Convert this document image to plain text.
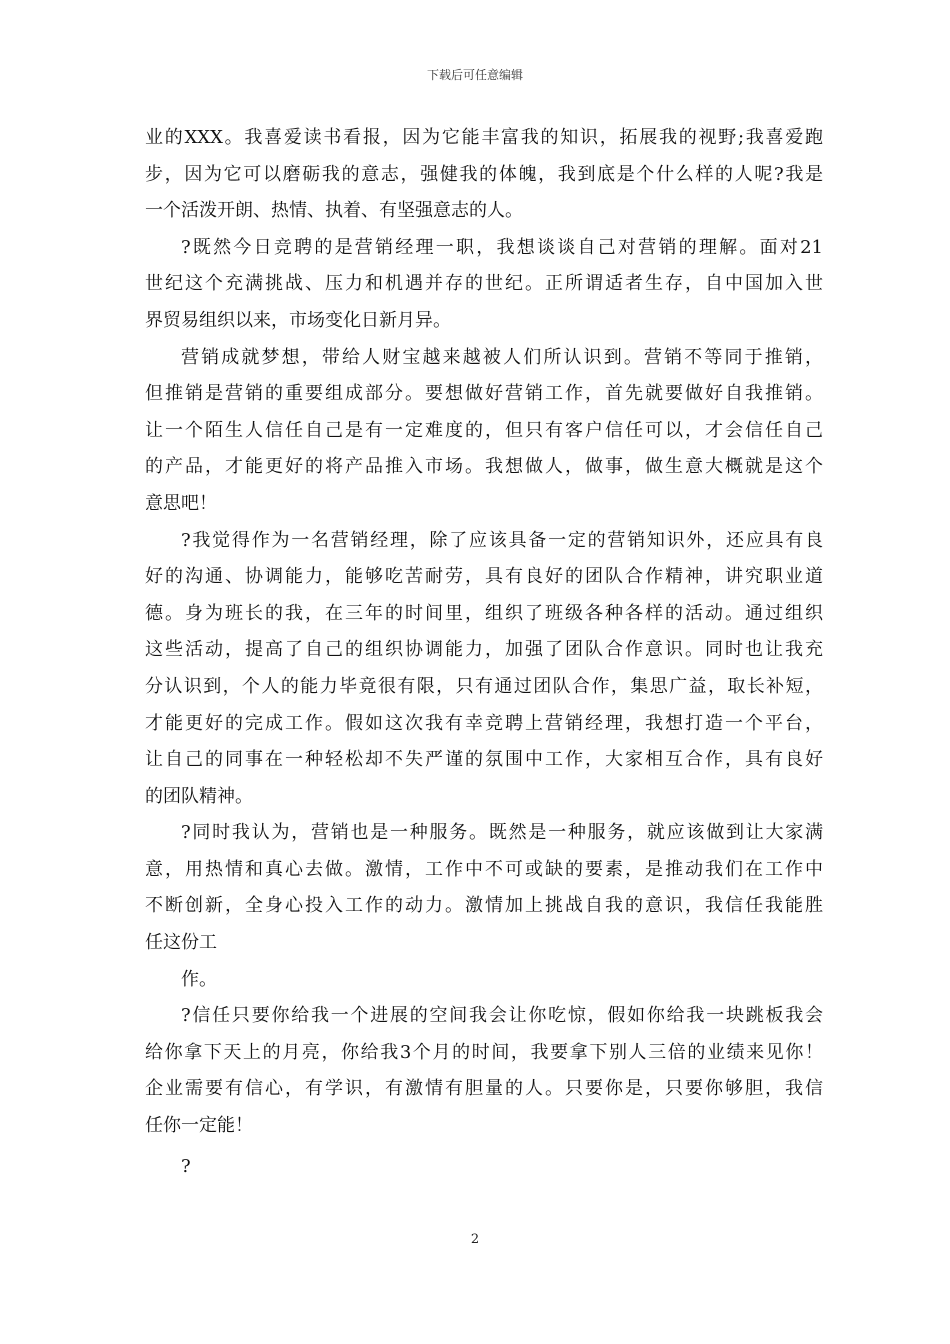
下载后可任意编辑
业的XXX。我喜爱读书看报，因为它能丰富我的知识，拓展我的视野;我喜爱跑
步，因为它可以磨砺我的意志，强健我的体魄，我到底是个什么样的人呢?我是
一个活泼开朗、热情、执着、有坚强意志的人。
?既然今日竞聘的是营销经理一职，我想谈谈自己对营销的理解。面对21
世纪这个充满挑战、压力和机遇并存的世纪。正所谓适者生存，自中国加入世
界贸易组织以来，市场变化日新月异。
营销成就梦想，带给人财宝越来越被人们所认识到。营销不等同于推销，
但推销是营销的重要组成部分。要想做好营销工作，首先就要做好自我推销。
让一个陌生人信任自己是有一定难度的，但只有客户信任可以，才会信任自己
的产品，才能更好的将产品推入市场。我想做人，做事，做生意大概就是这个
意思吧！
?我觉得作为一名营销经理，除了应该具备一定的营销知识外，还应具有良
好的沟通、协调能力，能够吃苦耐劳，具有良好的团队合作精神，讲究职业道
德。身为班长的我，在三年的时间里，组织了班级各种各样的活动。通过组织
这些活动，提高了自己的组织协调能力，加强了团队合作意识。同时也让我充
分认识到，个人的能力毕竟很有限，只有通过团队合作，集思广益，取长补短，
才能更好的完成工作。假如这次我有幸竞聘上营销经理，我想打造一个平台，
让自己的同事在一种轻松却不失严谨的氛围中工作，大家相互合作，具有良好
的团队精神。
?同时我认为，营销也是一种服务。既然是一种服务，就应该做到让大家满
意，用热情和真心去做。激情，工作中不可或缺的要素，是推动我们在工作中
不断创新，全身心投入工作的动力。激情加上挑战自我的意识，我信任我能胜
任这份工
作。
?信任只要你给我一个进展的空间我会让你吃惊，假如你给我一块跳板我会
给你拿下天上的月亮，你给我3个月的时间，我要拿下别人三倍的业绩来见你！
企业需要有信心，有学识，有激情有胆量的人。只要你是，只要你够胆，我信
任你一定能！
?
2
